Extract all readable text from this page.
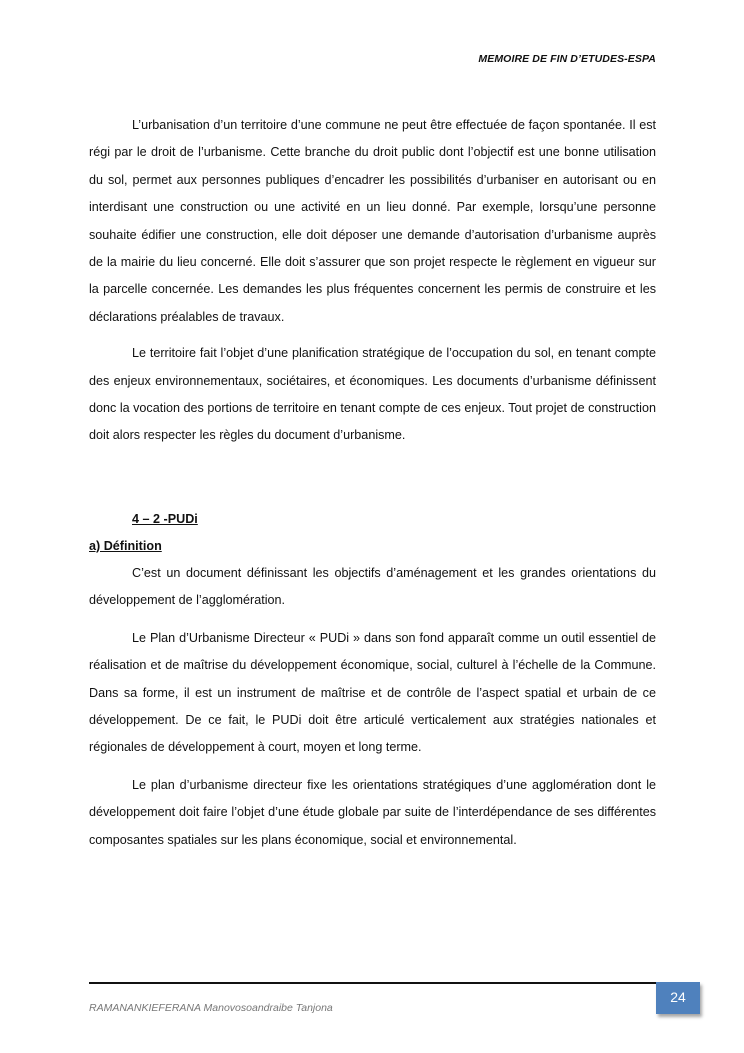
MEMOIRE DE FIN D’ETUDES-ESPA

L’urbanisation d’un territoire d’une commune ne peut être effectuée de façon spontanée. Il est régi par le droit de l’urbanisme. Cette branche du droit public dont l’objectif est une bonne utilisation du sol, permet aux personnes publiques d’encadrer les possibilités d’urbaniser en autorisant ou en interdisant une construction ou une activité en un lieu donné. Par exemple, lorsqu’une personne souhaite édifier une construction, elle doit déposer une demande d’autorisation d’urbanisme auprès de la mairie du lieu concerné. Elle doit s’assurer que son projet respecte le règlement en vigueur sur la parcelle concernée. Les demandes les plus fréquentes concernent les permis de construire et les déclarations préalables de travaux.

Le territoire fait l’objet d’une planification stratégique de l’occupation du sol, en tenant compte des enjeux environnementaux, sociétaires, et économiques. Les documents d’urbanisme définissent donc la vocation des portions de territoire en tenant compte de ces enjeux. Tout projet de construction doit alors respecter les règles du document d’urbanisme.

4 – 2 -PUDi

a) Définition

C’est un document définissant les objectifs d’aménagement et les grandes orientations du développement de l’agglomération.

Le Plan d’Urbanisme Directeur « PUDi » dans son fond apparaît comme un outil essentiel de réalisation et de maîtrise du développement économique, social, culturel à l’échelle de la Commune. Dans sa forme, il est un instrument de maîtrise et de contrôle de l’aspect spatial et urbain de ce développement. De ce fait, le PUDi doit être articulé verticalement aux stratégies nationales et régionales de développement à court, moyen et long terme.

Le plan d’urbanisme directeur fixe les orientations stratégiques d’une agglomération dont le développement doit faire l’objet d’une étude globale par suite de l’interdépendance de ses différentes composantes spatiales sur les plans économique, social et environnemental.

RAMANANKIEFERANA Manovosoandraibe Tanjona
24
